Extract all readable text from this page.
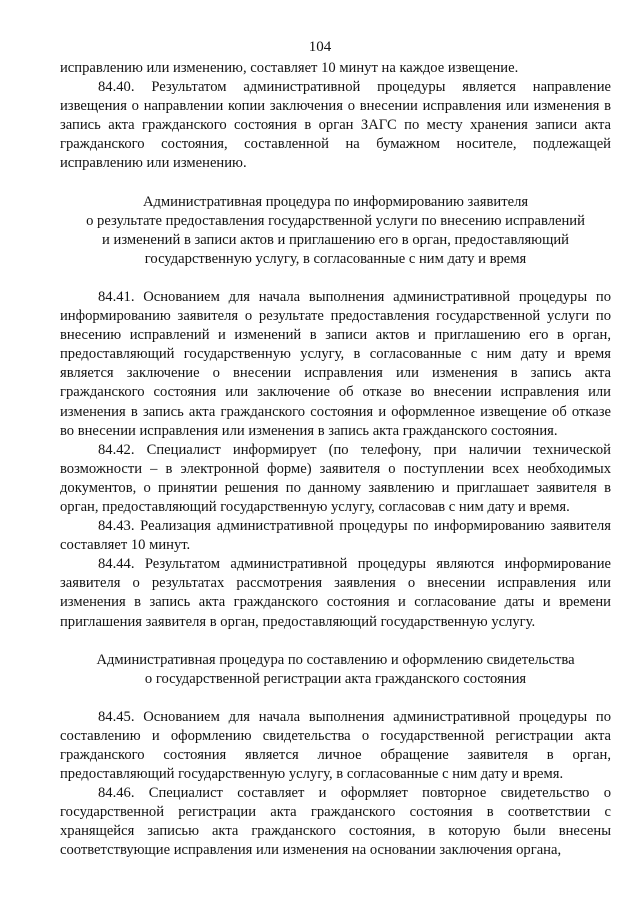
104

исправлению или изменению, составляет 10 минут на каждое извещение.

84.40. Результатом административной процедуры является направление извещения о направлении копии заключения о внесении исправления или изменения в запись акта гражданского состояния в орган ЗАГС по месту хранения записи акта гражданского состояния, составленной на бумажном носителе, подлежащей исправлению или изменению.

Административная процедура по информированию заявителя
о результате предоставления государственной услуги по внесению исправлений
и изменений в записи актов и приглашению его в орган, предоставляющий
государственную услугу, в согласованные с ним дату и время

84.41. Основанием для начала выполнения административной процедуры по информированию заявителя о результате предоставления государственной услуги по внесению исправлений и изменений в записи актов и приглашению его в орган, предоставляющий государственную услугу, в согласованные с ним дату и время является заключение о внесении исправления или изменения в запись акта гражданского состояния или заключение об отказе во внесении исправления или изменения в запись акта гражданского состояния и оформленное извещение об отказе во внесении исправления или изменения в запись акта гражданского состояния.

84.42. Специалист информирует (по телефону, при наличии технической возможности – в электронной форме) заявителя о поступлении всех необходимых документов, о принятии решения по данному заявлению и приглашает заявителя в орган, предоставляющий государственную услугу, согласовав с ним дату и время.

84.43. Реализация административной процедуры по информированию заявителя составляет 10 минут.

84.44. Результатом административной процедуры являются информирование заявителя о результатах рассмотрения заявления о внесении исправления или изменения в запись акта гражданского состояния и согласование даты и времени приглашения заявителя в орган, предоставляющий государственную услугу.

Административная процедура по составлению и оформлению свидетельства
о государственной регистрации акта гражданского состояния

84.45. Основанием для начала выполнения административной процедуры по составлению и оформлению свидетельства о государственной регистрации акта гражданского состояния является личное обращение заявителя в орган, предоставляющий государственную услугу, в согласованные с ним дату и время.

84.46. Специалист составляет и оформляет повторное свидетельство о государственной регистрации акта гражданского состояния в соответствии с хранящейся записью акта гражданского состояния, в которую были внесены соответствующие исправления или изменения на основании заключения органа,
